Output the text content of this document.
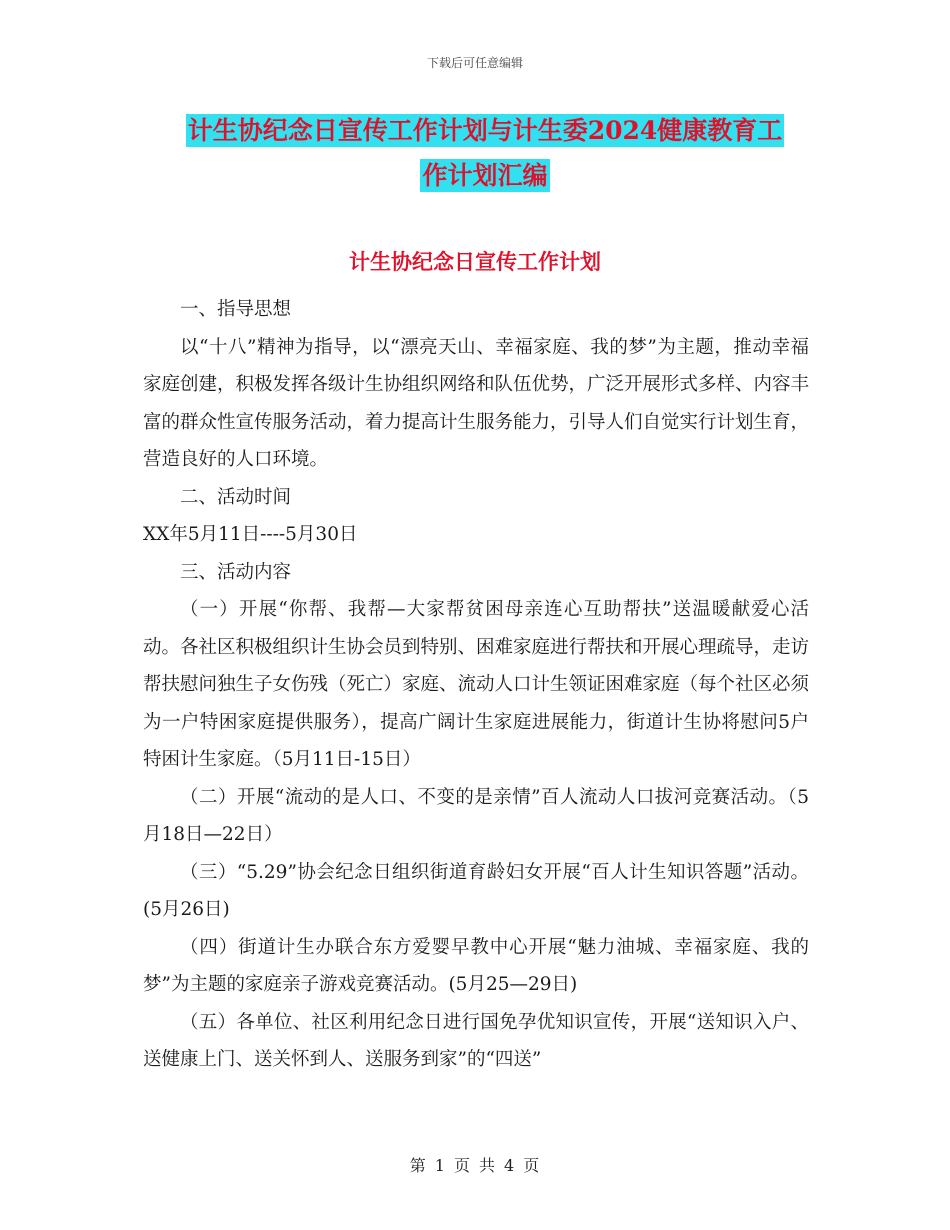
下载后可任意编辑
计生协纪念日宣传工作计划与计生委2024健康教育工
作计划汇编
计生协纪念日宣传工作计划

一、指导思想

以“十八”精神为指导，以“漂亮天山、幸福家庭、我的梦”为主题，推动幸福家庭创建，积极发挥各级计生协组织网络和队伍优势，广泛开展形式多样、内容丰富的群众性宣传服务活动，着力提高计生服务能力，引导人们自觉实行计划生育，营造良好的人口环境。

二、活动时间

XX年5月11日----5月30日

三、活动内容

（一）开展“你帮、我帮—大家帮贫困母亲连心互助帮扶”送温暖献爱心活动。各社区积极组织计生协会员到特别、困难家庭进行帮扶和开展心理疏导，走访帮扶慰问独生子女伤残（死亡）家庭、流动人口计生领证困难家庭（每个社区必须为一户特困家庭提供服务），提高广阔计生家庭进展能力，街道计生协将慰问5户特困计生家庭。（5月11日-15日）

（二）开展“流动的是人口、不变的是亲情”百人流动人口拔河竞赛活动。（5月18日—22日）

（三）“5.29”协会纪念日组织街道育龄妇女开展“百人计生知识答题”活动。(5月26日)

（四）街道计生办联合东方爱婴早教中心开展“魅力油城、幸福家庭、我的梦”为主题的家庭亲子游戏竞赛活动。(5月25—29日)

（五）各单位、社区利用纪念日进行国免孕优知识宣传，开展“送知识入户、送健康上门、送关怀到人、送服务到家”的“四送”

第 1 页 共 4 页
